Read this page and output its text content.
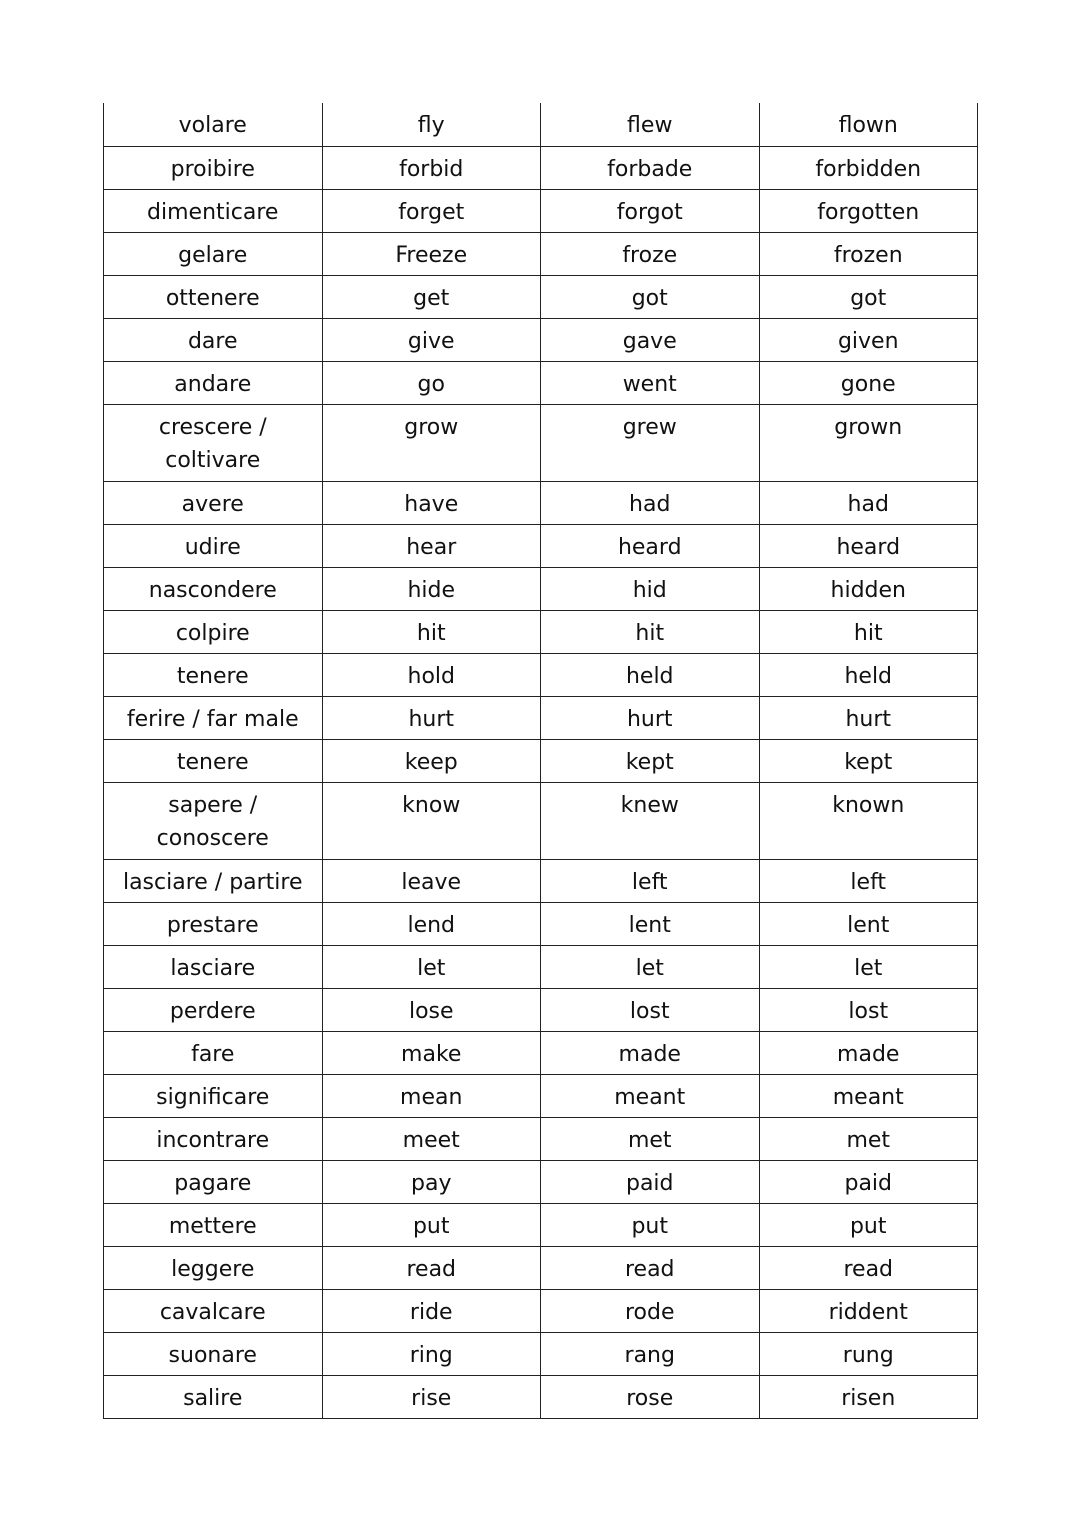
volare	fly	flew	flown
proibire	forbid	forbade	forbidden
dimenticare	forget	forgot	forgotten
gelare	Freeze	froze	frozen
ottenere	get	got	got
dare	give	gave	given
andare	go	went	gone
crescere /
coltivare	grow	grew	grown
avere	have	had	had
udire	hear	heard	heard
nascondere	hide	hid	hidden
colpire	hit	hit	hit
tenere	hold	held	held
ferire / far male	hurt	hurt	hurt
tenere	keep	kept	kept
sapere /
conoscere	know	knew	known
lasciare / partire	leave	left	left
prestare	lend	lent	lent
lasciare	let	let	let
perdere	lose	lost	lost
fare	make	made	made
significare	mean	meant	meant
incontrare	meet	met	met
pagare	pay	paid	paid
mettere	put	put	put
leggere	read	read	read
cavalcare	ride	rode	riddent
suonare	ring	rang	rung
salire	rise	rose	risen
